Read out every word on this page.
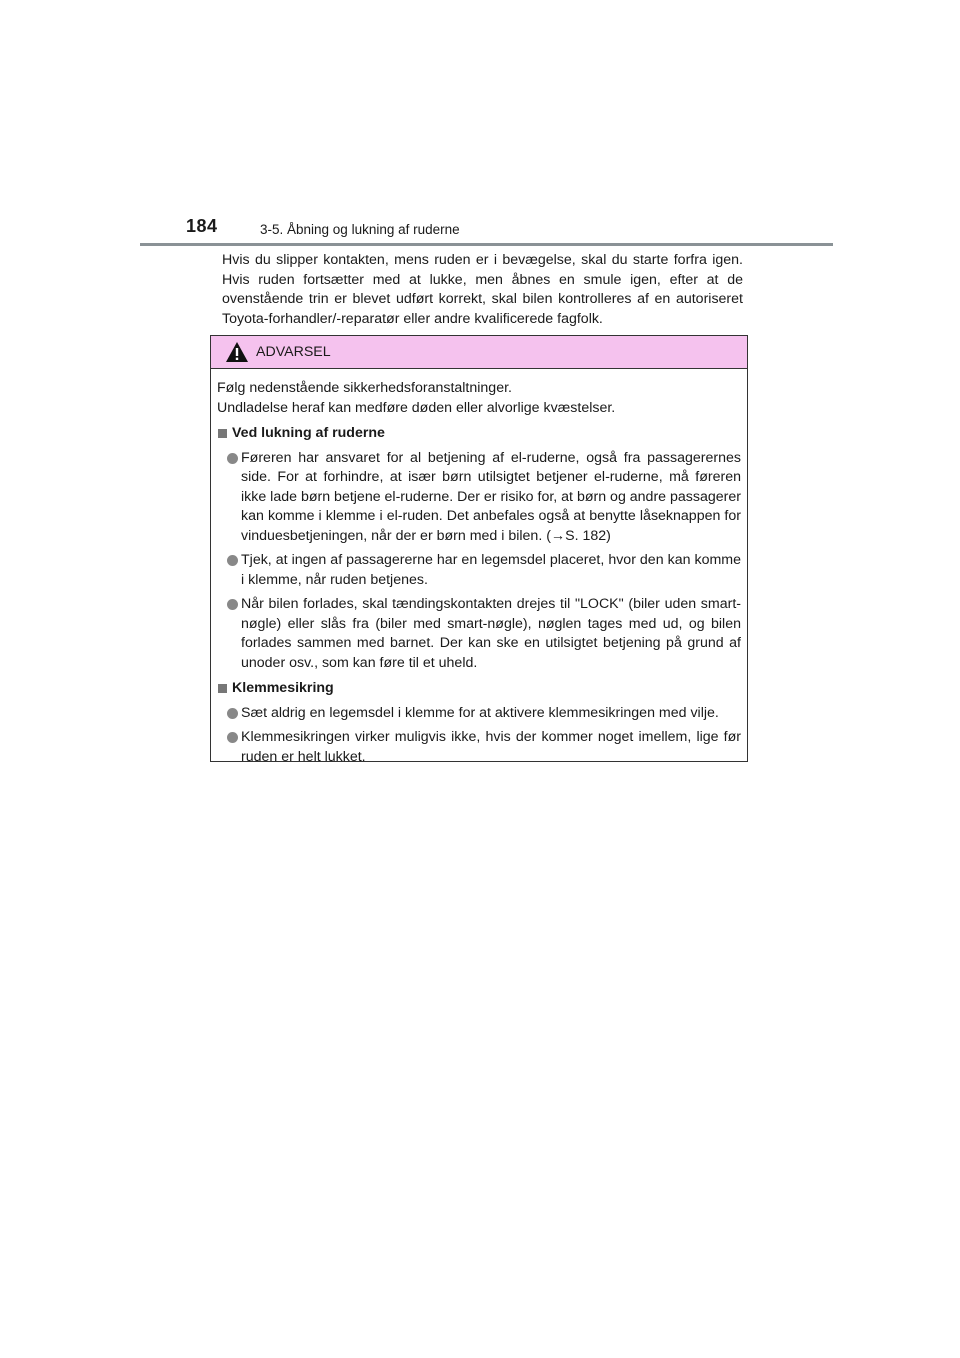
184	3-5. Åbning og lukning af ruderne

Hvis du slipper kontakten, mens ruden er i bevægelse, skal du starte forfra igen. Hvis ruden fortsætter med at lukke, men åbnes en smule igen, efter at de ovenstående trin er blevet udført korrekt, skal bilen kontrolleres af en autoriseret Toyota-forhandler/-reparatør eller andre kvalificerede fagfolk.

ADVARSEL

Følg nedenstående sikkerhedsforanstaltninger.

Undladelse heraf kan medføre døden eller alvorlige kvæstelser.

Ved lukning af ruderne
Føreren har ansvaret for al betjening af el-ruderne, også fra passagerernes side. For at forhindre, at især børn utilsigtet betjener el-ruderne, må føreren ikke lade børn betjene el-ruderne. Der er risiko for, at børn og andre passagerer kan komme i klemme i el-ruden. Det anbefales også at benytte låseknappen for vinduesbetjeningen, når der er børn med i bilen. (→S. 182)
Tjek, at ingen af passagererne har en legemsdel placeret, hvor den kan komme i klemme, når ruden betjenes.
Når bilen forlades, skal tændingskontakten drejes til "LOCK" (biler uden smart-nøgle) eller slås fra (biler med smart-nøgle), nøglen tages med ud, og bilen forlades sammen med barnet. Der kan ske en utilsigtet betjening på grund af unoder osv., som kan føre til et uheld.
Klemmesikring
Sæt aldrig en legemsdel i klemme for at aktivere klemmesikringen med vilje.
Klemmesikringen virker muligvis ikke, hvis der kommer noget imellem, lige før ruden er helt lukket.
